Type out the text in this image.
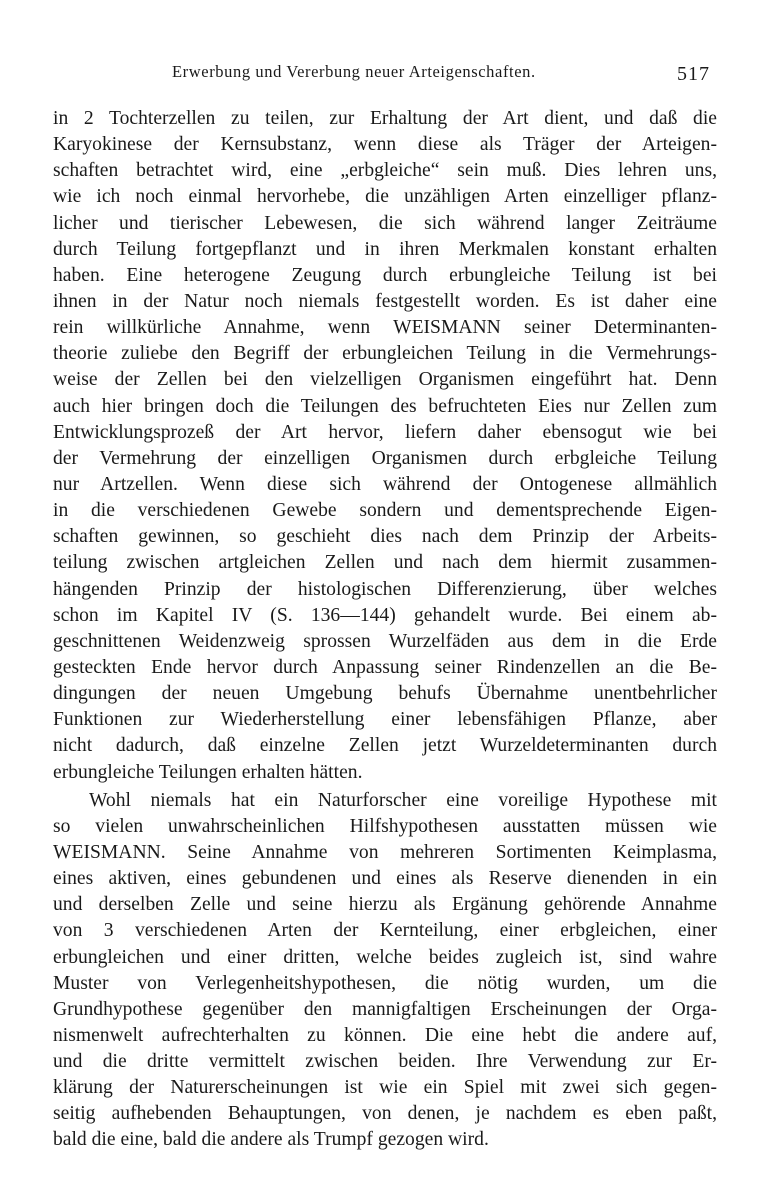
Erwerbung und Vererbung neuer Arteigenschaften.	517
in 2 Tochterzellen zu teilen, zur Erhaltung der Art dient, und daß die
Karyokinese der Kernsubstanz, wenn diese als Träger der Arteigen-
schaften betrachtet wird, eine „erbgleiche“ sein muß. Dies lehren uns,
wie ich noch einmal hervorhebe, die unzähligen Arten einzelliger pflanz-
licher und tierischer Lebewesen, die sich während langer Zeiträume
durch Teilung fortgepflanzt und in ihren Merkmalen konstant erhalten
haben. Eine heterogene Zeugung durch erbungleiche Teilung ist bei
ihnen in der Natur noch niemals festgestellt worden. Es ist daher eine
rein willkürliche Annahme, wenn WEISMANN seiner Determinanten-
theorie zuliebe den Begriff der erbungleichen Teilung in die Vermehrungs-
weise der Zellen bei den vielzelligen Organismen eingeführt hat. Denn
auch hier bringen doch die Teilungen des befruchteten Eies nur Zellen zum
Entwicklungsprozeß der Art hervor, liefern daher ebensogut wie bei
der Vermehrung der einzelligen Organismen durch erbgleiche Teilung
nur Artzellen. Wenn diese sich während der Ontogenese allmählich
in die verschiedenen Gewebe sondern und dementsprechende Eigen-
schaften gewinnen, so geschieht dies nach dem Prinzip der Arbeits-
teilung zwischen artgleichen Zellen und nach dem hiermit zusammen-
hängenden Prinzip der histologischen Differenzierung, über welches
schon im Kapitel IV (S. 136—144) gehandelt wurde. Bei einem ab-
geschnittenen Weidenzweig sprossen Wurzelfäden aus dem in die Erde
gesteckten Ende hervor durch Anpassung seiner Rindenzellen an die Be-
dingungen der neuen Umgebung behufs Übernahme unentbehrlicher
Funktionen zur Wiederherstellung einer lebensfähigen Pflanze, aber
nicht dadurch, daß einzelne Zellen jetzt Wurzeldeterminanten durch
erbungleiche Teilungen erhalten hätten.
Wohl niemals hat ein Naturforscher eine voreilige Hypothese mit
so vielen unwahrscheinlichen Hilfshypothesen ausstatten müssen wie
WEISMANN. Seine Annahme von mehreren Sortimenten Keimplasma,
eines aktiven, eines gebundenen und eines als Reserve dienenden in ein
und derselben Zelle und seine hierzu als Ergänung gehörende Annahme
von 3 verschiedenen Arten der Kernteilung, einer erbgleichen, einer
erbungleichen und einer dritten, welche beides zugleich ist, sind wahre
Muster von Verlegenheitshypothesen, die nötig wurden, um die
Grundhypothese gegenüber den mannigfaltigen Erscheinungen der Orga-
nismenwelt aufrechterhalten zu können. Die eine hebt die andere auf,
und die dritte vermittelt zwischen beiden. Ihre Verwendung zur Er-
klärung der Naturerscheinungen ist wie ein Spiel mit zwei sich gegen-
seitig aufhebenden Behauptungen, von denen, je nachdem es eben paßt,
bald die eine, bald die andere als Trumpf gezogen wird.
